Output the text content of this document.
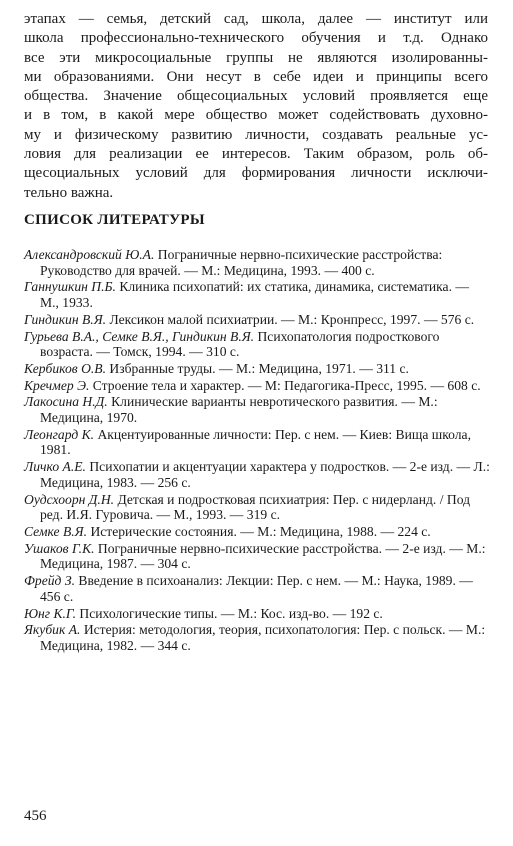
этапах — семья, детский сад, школа, далее — институт или
школа профессионально-технического обучения и т.д. Однако
все эти микросоциальные группы не являются изолированны-
ми образованиями. Они несут в себе идеи и принципы всего
общества. Значение общесоциальных условий проявляется еще
и в том, в какой мере общество может содействовать духовно-
му и физическому развитию личности, создавать реальные ус-
ловия для реализации ее интересов. Таким образом, роль об-
щесоциальных условий для формирования личности исключи-
тельно важна.

СПИСОК ЛИТЕРАТУРЫ

Александровский Ю.А. Пограничные нервно-психические расстройства: Руководство для врачей. — М.: Медицина, 1993. — 400 с.

Ганнушкин П.Б. Клиника психопатий: их статика, динамика, систематика. — М., 1933.

Гиндикин В.Я. Лексикон малой психиатрии. — М.: Кронпресс, 1997. — 576 с.

Гурьева В.А., Семке В.Я., Гиндикин В.Я. Психопатология подросткового возраста. — Томск, 1994. — 310 с.

Кербиков О.В. Избранные труды. — М.: Медицина, 1971. — 311 с.

Кречмер Э. Строение тела и характер. — М: Педагогика-Пресс, 1995. — 608 с.

Лакосина Н.Д. Клинические варианты невротического развития. — М.: Медицина, 1970.

Леонгард К. Акцентуированные личности: Пер. с нем. — Киев: Вища школа, 1981.

Личко А.Е. Психопатии и акцентуации характера у подростков. — 2-е изд. — Л.: Медицина, 1983. — 256 с.

Оудсхоорн Д.Н. Детская и подростковая психиатрия: Пер. с нидерланд. / Под ред. И.Я. Гуровича. — М., 1993. — 319 с.

Семке В.Я. Истерические состояния. — М.: Медицина, 1988. — 224 с.

Ушаков Г.К. Пограничные нервно-психические расстройства. — 2-е изд. — М.: Медицина, 1987. — 304 с.

Фрейд З. Введение в психоанализ: Лекции: Пер. с нем. — М.: Наука, 1989. — 456 с.

Юнг К.Г. Психологические типы. — М.: Кос. изд-во. — 192 с.

Якубик А. Истерия: методология, теория, психопатология: Пер. с польск. — М.: Медицина, 1982. — 344 с.

456
